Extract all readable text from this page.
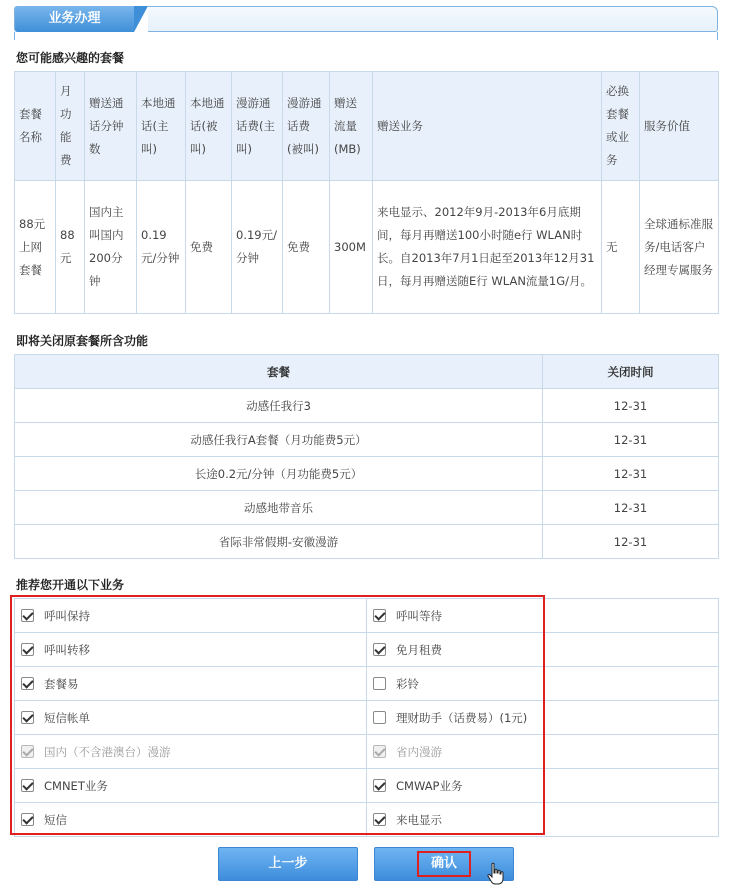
业务办理
您可能感兴趣的套餐
套餐名称	月功能费	赠送通话分钟数	本地通话(主叫)	本地通话(被叫)	漫游通话费(主叫)	漫游通话费(被叫)	赠送流量(MB)	赠送业务	必换套餐或业务	服务价值
88元上网套餐	88元	国内主叫国内200分钟	0.19元/分钟	免费	0.19元/分钟	免费	300M	来电显示、2012年9月-2013年6月底期间，每月再赠送100小时随e行 WLAN时长。自2013年7月1日起至2013年12月31日，每月再赠送随E行 WLAN流量1G/月。	无	全球通标准服务/电话客户经理专属服务
即将关闭原套餐所含功能
套餐	关闭时间
动感任我行3	12-31
动感任我行A套餐（月功能费5元）	12-31
长途0.2元/分钟（月功能费5元）	12-31
动感地带音乐	12-31
省际非常假期-安徽漫游	12-31
推荐您开通以下业务
呼叫保持	呼叫等待
呼叫转移	免月租费
套餐易	彩铃
短信帐单	理财助手（话费易）(1元)
国内（不含港澳台）漫游	省内漫游
CMNET业务	CMWAP业务
短信	来电显示
上一步	确认
